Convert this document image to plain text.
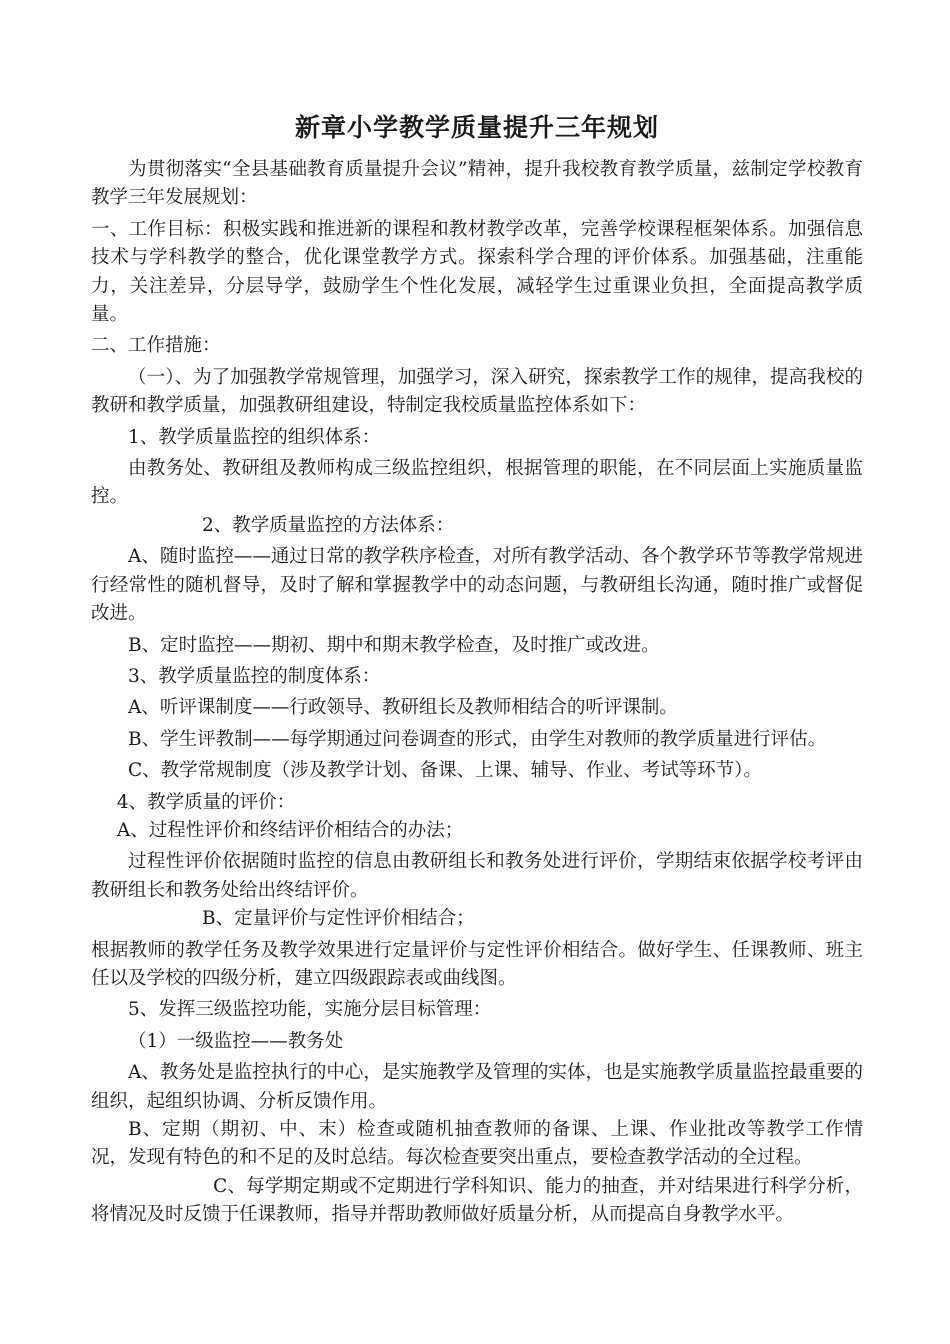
新章小学教学质量提升三年规划

为贯彻落实“全县基础教育质量提升会议”精神，提升我校教育教学质量，兹制定学校教育教学三年发展规划：

一、工作目标：积极实践和推进新的课程和教材教学改革，完善学校课程框架体系。加强信息技术与学科教学的整合，优化课堂教学方式。探索科学合理的评价体系。加强基础，注重能力，关注差异，分层导学，鼓励学生个性化发展，减轻学生过重课业负担，全面提高教学质量。

二、工作措施：

（一）、为了加强教学常规管理，加强学习，深入研究，探索教学工作的规律，提高我校的教研和教学质量，加强教研组建设，特制定我校质量监控体系如下：

1、教学质量监控的组织体系：

由教务处、教研组及教师构成三级监控组织，根据管理的职能，在不同层面上实施质量监控。

2、教学质量监控的方法体系：

A、随时监控——通过日常的教学秩序检查，对所有教学活动、各个教学环节等教学常规进行经常性的随机督导，及时了解和掌握教学中的动态问题，与教研组长沟通，随时推广或督促改进。

B、定时监控——期初、期中和期末教学检查，及时推广或改进。

3、教学质量监控的制度体系：

A、听评课制度——行政领导、教研组长及教师相结合的听评课制。

B、学生评教制——每学期通过问卷调查的形式，由学生对教师的教学质量进行评估。

C、教学常规制度（涉及教学计划、备课、上课、辅导、作业、考试等环节）。

4、教学质量的评价：

A、过程性评价和终结评价相结合的办法；

过程性评价依据随时监控的信息由教研组长和教务处进行评价，学期结束依据学校考评由教研组长和教务处给出终结评价。

B、定量评价与定性评价相结合；

根据教师的教学任务及教学效果进行定量评价与定性评价相结合。做好学生、任课教师、班主任以及学校的四级分析，建立四级跟踪表或曲线图。

5、发挥三级监控功能，实施分层目标管理：

（1）一级监控——教务处

A、教务处是监控执行的中心，是实施教学及管理的实体，也是实施教学质量监控最重要的组织，起组织协调、分析反馈作用。

B、定期（期初、中、末）检查或随机抽查教师的备课、上课、作业批改等教学工作情况，发现有特色的和不足的及时总结。每次检查要突出重点，要检查教学活动的全过程。

C、每学期定期或不定期进行学科知识、能力的抽查，并对结果进行科学分析，将情况及时反馈于任课教师，指导并帮助教师做好质量分析，从而提高自身教学水平。
